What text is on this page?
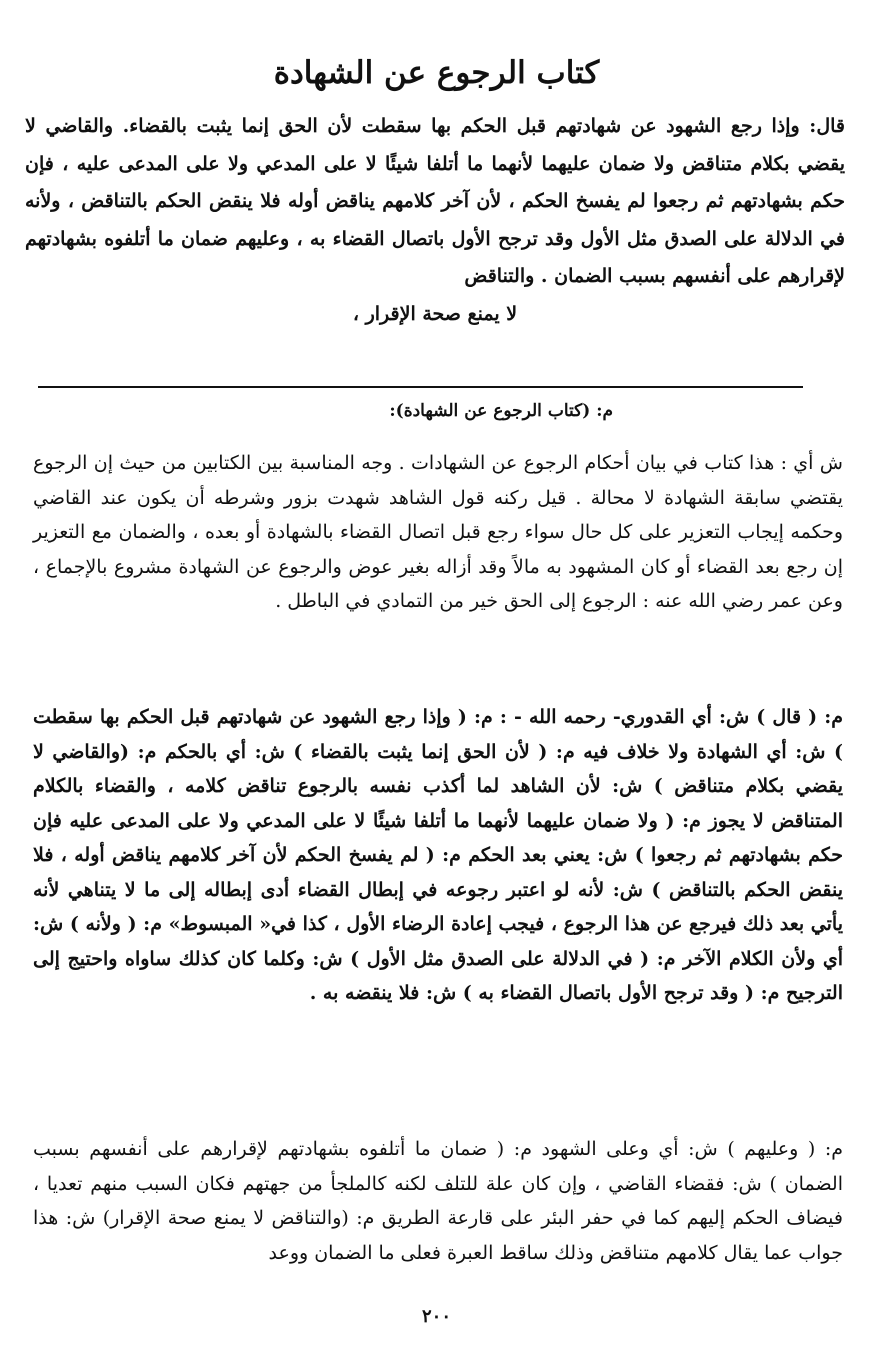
كتاب الرجوع عن الشهادة
قال: وإذا رجع الشهود عن شهادتهم قبل الحكم بها سقطت لأن الحق إنما يثبت بالقضاء. والقاضي لا يقضي بكلام متناقض ولا ضمان عليهما لأنهما ما أتلفا شيئًا لا على المدعي ولا على المدعى عليه ، فإن حكم بشهادتهم ثم رجعوا لم يفسخ الحكم ، لأن آخر كلامهم يناقض أوله فلا ينقض الحكم بالتناقض ، ولأنه في الدلالة على الصدق مثل الأول وقد ترجح الأول باتصال القضاء به ، وعليهم ضمان ما أتلفوه بشهادتهم لإقرارهم على أنفسهم بسبب الضمان . والتناقض
لا يمنع صحة الإقرار ،
م: (كتاب الرجوع عن الشهادة):
ش أي : هذا كتاب في بيان أحكام الرجوع عن الشهادات . وجه المناسبة بين الكتابين من حيث إن الرجوع يقتضي سابقة الشهادة لا محالة . قيل ركنه قول الشاهد شهدت بزور وشرطه أن يكون عند القاضي وحكمه إيجاب التعزير على كل حال سواء رجع قبل اتصال القضاء بالشهادة أو بعده ، والضمان مع التعزير إن رجع بعد القضاء أو كان المشهود به مالاً وقد أزاله بغير عوض والرجوع عن الشهادة مشروع بالإجماع ، وعن عمر رضي الله عنه : الرجوع إلى الحق خير من التمادي في الباطل .
م: ( قال ) ش: أي القدوري- رحمه الله - : م: ( وإذا رجع الشهود عن شهادتهم قبل الحكم بها سقطت ) ش: أي الشهادة ولا خلاف فيه م: ( لأن الحق إنما يثبت بالقضاء ) ش: أي بالحكم م: (والقاضي لا يقضي بكلام متناقض ) ش: لأن الشاهد لما أكذب نفسه بالرجوع تناقض كلامه ، والقضاء بالكلام المتناقض لا يجوز م: ( ولا ضمان عليهما لأنهما ما أتلفا شيئًا لا على المدعي ولا على المدعى عليه فإن حكم بشهادتهم ثم رجعوا ) ش: يعني بعد الحكم م: ( لم يفسخ الحكم لأن آخر كلامهم يناقض أوله ، فلا ينقض الحكم بالتناقض ) ش: لأنه لو اعتبر رجوعه في إبطال القضاء أدى إبطاله إلى ما لا يتناهي لأنه يأتي بعد ذلك فيرجع عن هذا الرجوع ، فيجب إعادة الرضاء الأول ، كذا في« المبسوط» م: ( ولأنه ) ش: أي ولأن الكلام الآخر م: ( في الدلالة على الصدق مثل الأول ) ش: وكلما كان كذلك ساواه واحتيج إلى الترجيح م: ( وقد ترجح الأول باتصال القضاء به ) ش: فلا ينقضه به .
م: ( وعليهم ) ش: أي وعلى الشهود م: ( ضمان ما أتلفوه بشهادتهم لإقرارهم على أنفسهم بسبب الضمان ) ش: فقضاء القاضي ، وإن كان علة للتلف لكنه كالملجأ من جهتهم فكان السبب منهم تعديا ، فيضاف الحكم إليهم كما في حفر البئر على قارعة الطريق م: (والتناقض لا يمنع صحة الإقرار) ش: هذا جواب عما يقال كلامهم متناقض وذلك ساقط العبرة فعلى ما الضمان ووعد
٢٠٠
